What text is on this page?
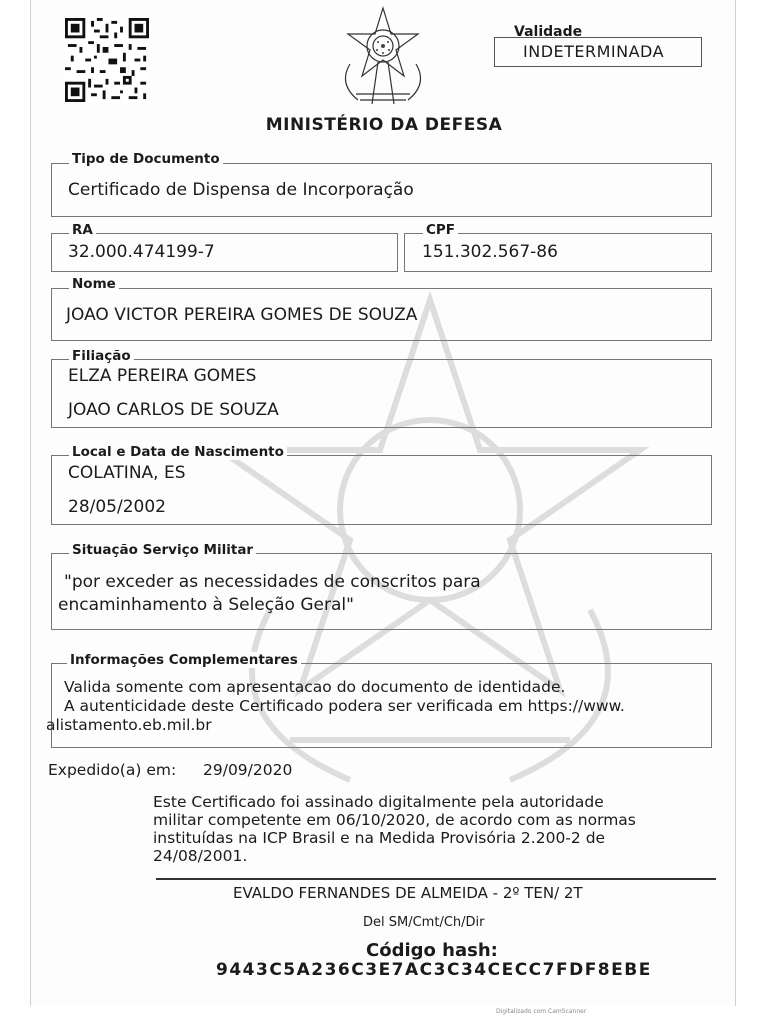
Validade
INDETERMINADA
MINISTÉRIO DA DEFESA
Tipo de Documento
Certificado de Dispensa de Incorporação
RA
32.000.474199-7
CPF
151.302.567-86
Nome
JOAO VICTOR PEREIRA GOMES DE SOUZA
Filiação
ELZA PEREIRA GOMES
JOAO CARLOS DE SOUZA
Local e Data de Nascimento
COLATINA, ES
28/05/2002
Situação Serviço Militar
"por exceder as necessidades de conscritos para
encaminhamento à Seleção Geral"
Informações Complementares
Valida somente com apresentacao do documento de identidade.
A autenticidade deste Certificado podera ser verificada em https://www.
alistamento.eb.mil.br
Expedido(a) em: 29/09/2020
Este Certificado foi assinado digitalmente pela autoridade
militar competente em 06/10/2020, de acordo com as normas
instituídas na ICP Brasil e na Medida Provisória 2.200-2 de
24/08/2001.
EVALDO FERNANDES DE ALMEIDA - 2º TEN/ 2T
Del SM/Cmt/Ch/Dir
Código hash:
9443C5A236C3E7AC3C34CECC7FDF8EBE
Digitalizado com CamScanner
